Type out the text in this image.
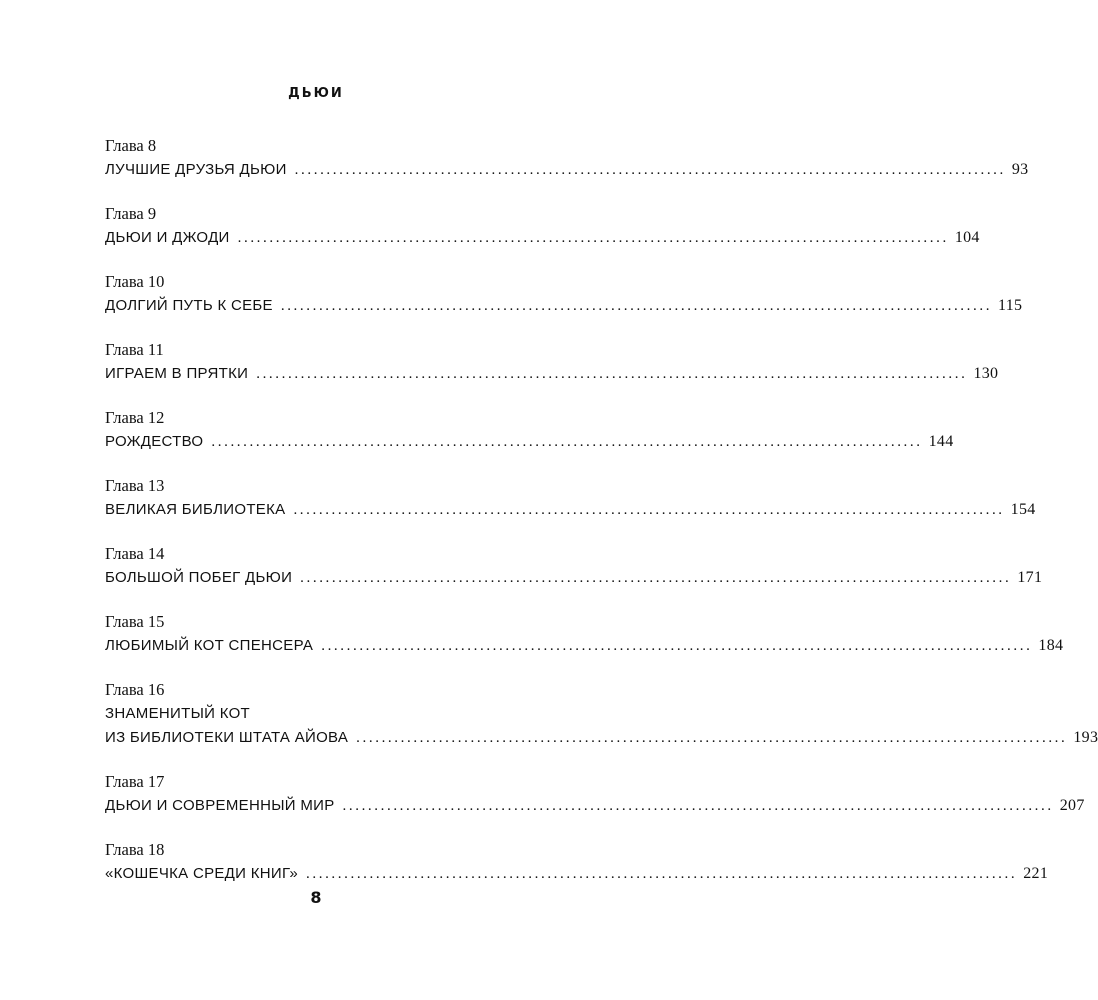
ДЬЮИ
Глава 8
ЛУЧШИЕ ДРУЗЬЯ ДЬЮИ ................................................................................................................ 93
Глава 9
ДЬЮИ И ДЖОДИ ................................................................................................................ 104
Глава 10
ДОЛГИЙ ПУТЬ К СЕБЕ ................................................................................................................ 115
Глава 11
ИГРАЕМ В ПРЯТКИ ................................................................................................................ 130
Глава 12
РОЖДЕСТВО ................................................................................................................ 144
Глава 13
ВЕЛИКАЯ БИБЛИОТЕКА ................................................................................................................ 154
Глава 14
БОЛЬШОЙ ПОБЕГ ДЬЮИ ................................................................................................................ 171
Глава 15
ЛЮБИМЫЙ КОТ СПЕНСЕРА ................................................................................................................ 184
Глава 16
ЗНАМЕНИТЫЙ КОТ
ИЗ БИБЛИОТЕКИ ШТАТА АЙОВА ................................................................................................................ 193
Глава 17
ДЬЮИ И СОВРЕМЕННЫЙ МИР ................................................................................................................ 207
Глава 18
«КОШЕЧКА СРЕДИ КНИГ» ................................................................................................................ 221
8
